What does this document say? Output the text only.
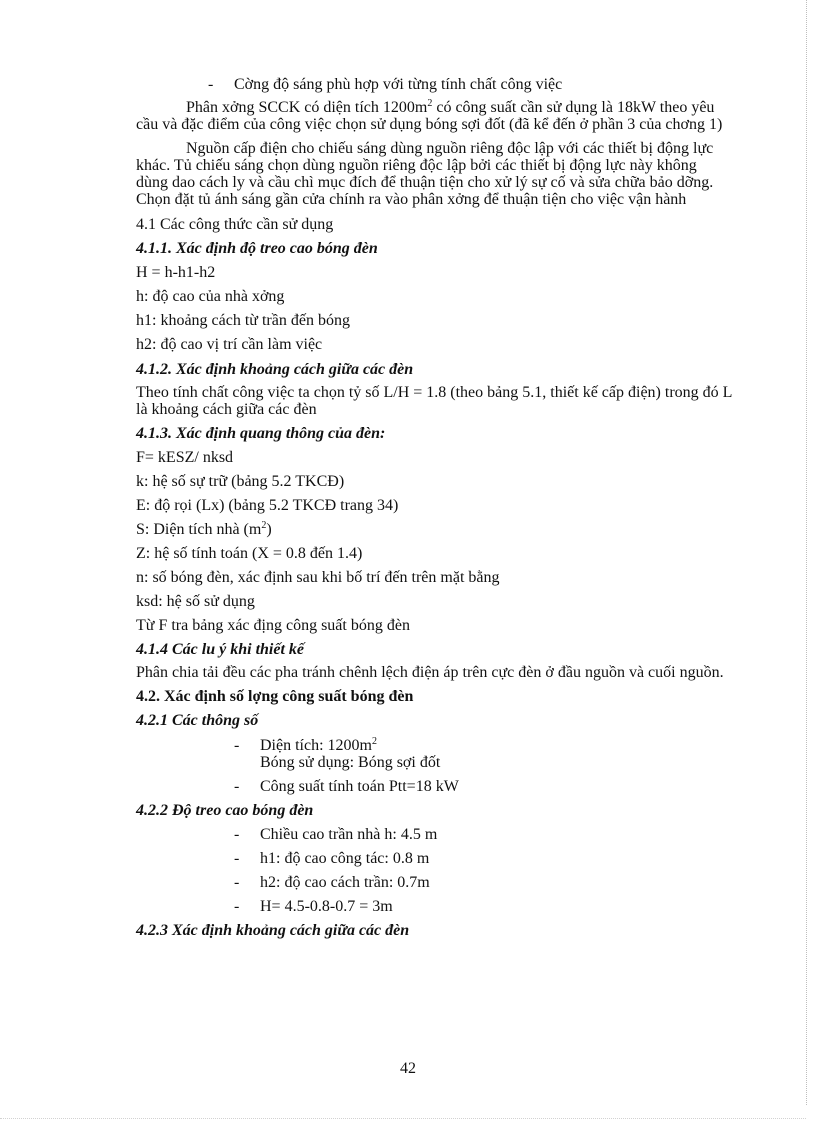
-	Cờng độ sáng phù hợp với từng tính chất công việc

Phân xởng SCCK có diện tích $1200m^2$ có công suất cần sử dụng là 18kW theo yêu cầu và đặc điểm của công việc chọn sử dụng bóng sợi đốt (đã kể đến ở phần 3 của chơng 1)

Nguồn cấp điện cho chiếu sáng dùng nguồn riêng độc lập với các thiết bị động lực khác. Tủ chiếu sáng chọn dùng nguồn riêng độc lập bởi các thiết bị động lực này không dùng dao cách ly và cầu chì mục đích để thuận tiện cho xử lý sự cố và sửa chữa bảo dỡng. Chọn đặt tủ ánh sáng gần cửa chính ra vào phân xởng để thuận tiện cho việc vận hành

4.1 Các công thức cần sử dụng

4.1.1. Xác định độ treo cao bóng đèn

H = h-h1-h2

h: độ cao của nhà xởng

h1: khoảng cách từ trần đến bóng

h2: độ cao vị trí cần làm việc

4.1.2. Xác định khoảng cách giữa các đèn

Theo tính chất công việc ta chọn tỷ số L/H = 1.8 (theo bảng 5.1, thiết kế cấp điện) trong đó L là khoảng cách giữa các đèn

4.1.3. Xác định quang thông của đèn:

F= kESZ/ nksd

k: hệ số sự trữ (bảng 5.2 TKCĐ)

E: độ rọi (Lx) (bảng 5.2 TKCĐ trang 34)

S: Diện tích nhà $(m^2)$

Z: hệ số tính toán (X = 0.8 đến 1.4)

n: số bóng đèn, xác định sau khi bố trí đến trên mặt bằng

ksd: hệ số sử dụng

Từ F tra bảng xác địng công suất bóng đèn

4.1.4 Các lu ý khi thiết kế

Phân chia tải đều các pha tránh chênh lệch điện áp trên cực đèn ở đầu nguồn và cuối nguồn.

4.2. Xác định số lợng công suất bóng đèn

4.2.1 Các thông số

-	Diện tích: $1200m^2$
Bóng sử dụng: Bóng sợi đốt
-	Công suất tính toán Ptt=18 kW

4.2.2 Độ treo cao bóng đèn

-	Chiều cao trần nhà h: 4.5 m
-	h1: độ cao công tác: 0.8 m
-	h2: độ cao cách trần: 0.7m
-	H= 4.5-0.8-0.7 = 3m

4.2.3 Xác định khoảng cách giữa các đèn

42
